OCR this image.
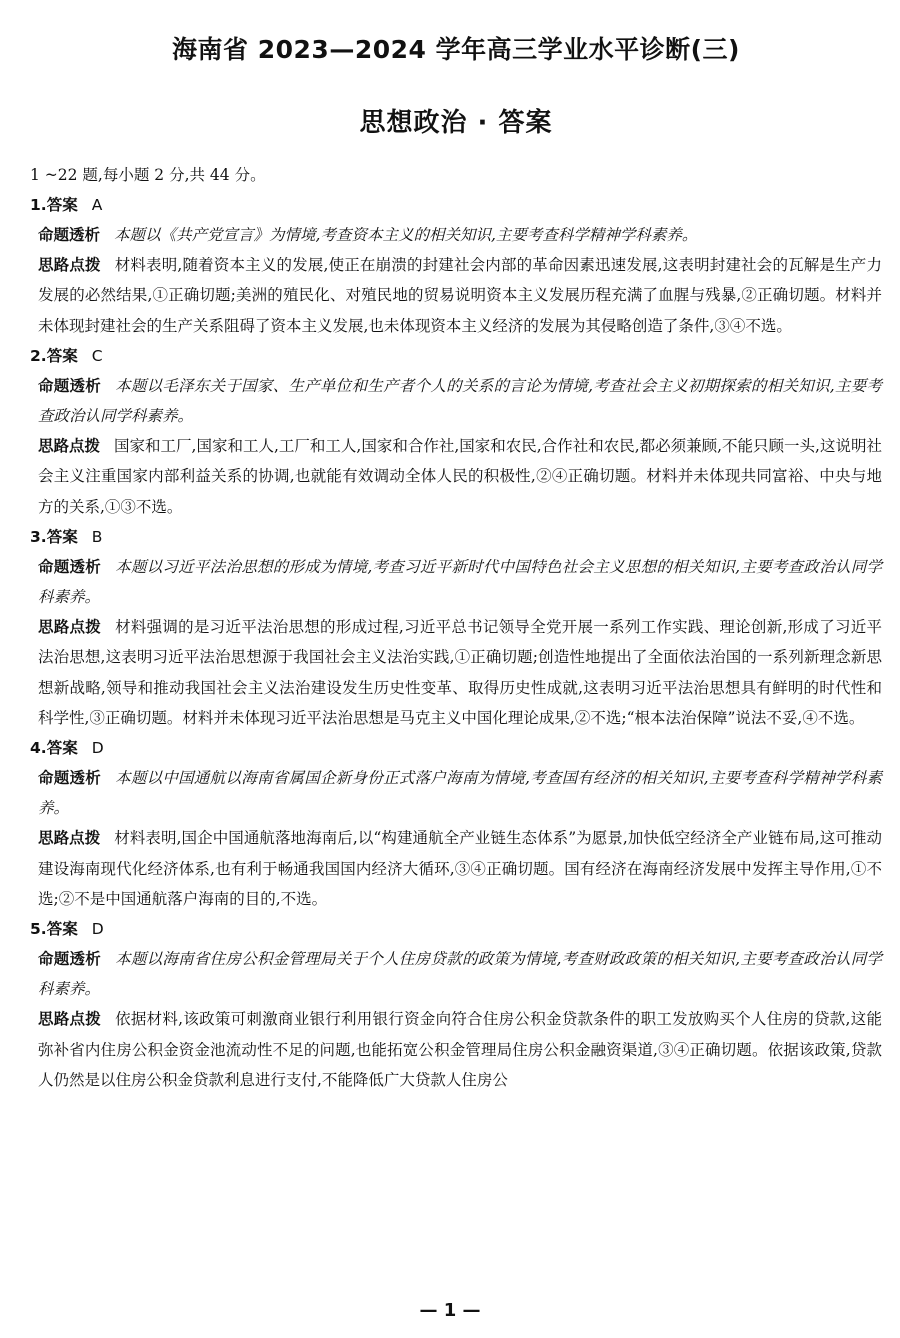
海南省 2023—2024 学年高三学业水平诊断(三)
思想政治 · 答案
1 ~22 题,每小题 2 分,共 44 分。
1.答案 A

命题透析 本题以《共产党宣言》为情境,考查资本主义的相关知识,主要考查科学精神学科素养。

思路点拨 材料表明,随着资本主义的发展,使正在崩溃的封建社会内部的革命因素迅速发展,这表明封建社会的瓦解是生产力发展的必然结果,①正确切题;美洲的殖民化、对殖民地的贸易说明资本主义发展历程充满了血腥与残暴,②正确切题。材料并未体现封建社会的生产关系阻碍了资本主义发展,也未体现资本主义经济的发展为其侵略创造了条件,③④不选。

2.答案 C

命题透析 本题以毛泽东关于国家、生产单位和生产者个人的关系的言论为情境,考查社会主义初期探索的相关知识,主要考查政治认同学科素养。

思路点拨 国家和工厂,国家和工人,工厂和工人,国家和合作社,国家和农民,合作社和农民,都必须兼顾,不能只顾一头,这说明社会主义注重国家内部利益关系的协调,也就能有效调动全体人民的积极性,②④正确切题。材料并未体现共同富裕、中央与地方的关系,①③不选。

3.答案 B

命题透析 本题以习近平法治思想的形成为情境,考查习近平新时代中国特色社会主义思想的相关知识,主要考查政治认同学科素养。

思路点拨 材料强调的是习近平法治思想的形成过程,习近平总书记领导全党开展一系列工作实践、理论创新,形成了习近平法治思想,这表明习近平法治思想源于我国社会主义法治实践,①正确切题;创造性地提出了全面依法治国的一系列新理念新思想新战略,领导和推动我国社会主义法治建设发生历史性变革、取得历史性成就,这表明习近平法治思想具有鲜明的时代性和科学性,③正确切题。材料并未体现习近平法治思想是马克主义中国化理论成果,②不选;“根本法治保障”说法不妥,④不选。

4.答案 D

命题透析 本题以中国通航以海南省属国企新身份正式落户海南为情境,考查国有经济的相关知识,主要考查科学精神学科素养。

思路点拨 材料表明,国企中国通航落地海南后,以“构建通航全产业链生态体系”为愿景,加快低空经济全产业链布局,这可推动建设海南现代化经济体系,也有利于畅通我国国内经济大循环,③④正确切题。国有经济在海南经济发展中发挥主导作用,①不选;②不是中国通航落户海南的目的,不选。

5.答案 D

命题透析 本题以海南省住房公积金管理局关于个人住房贷款的政策为情境,考查财政政策的相关知识,主要考查政治认同学科素养。

思路点拨 依据材料,该政策可刺激商业银行利用银行资金向符合住房公积金贷款条件的职工发放购买个人住房的贷款,这能弥补省内住房公积金资金池流动性不足的问题,也能拓宽公积金管理局住房公积金融资渠道,③④正确切题。依据该政策,贷款人仍然是以住房公积金贷款利息进行支付,不能降低广大贷款人住房公

— 1 —
